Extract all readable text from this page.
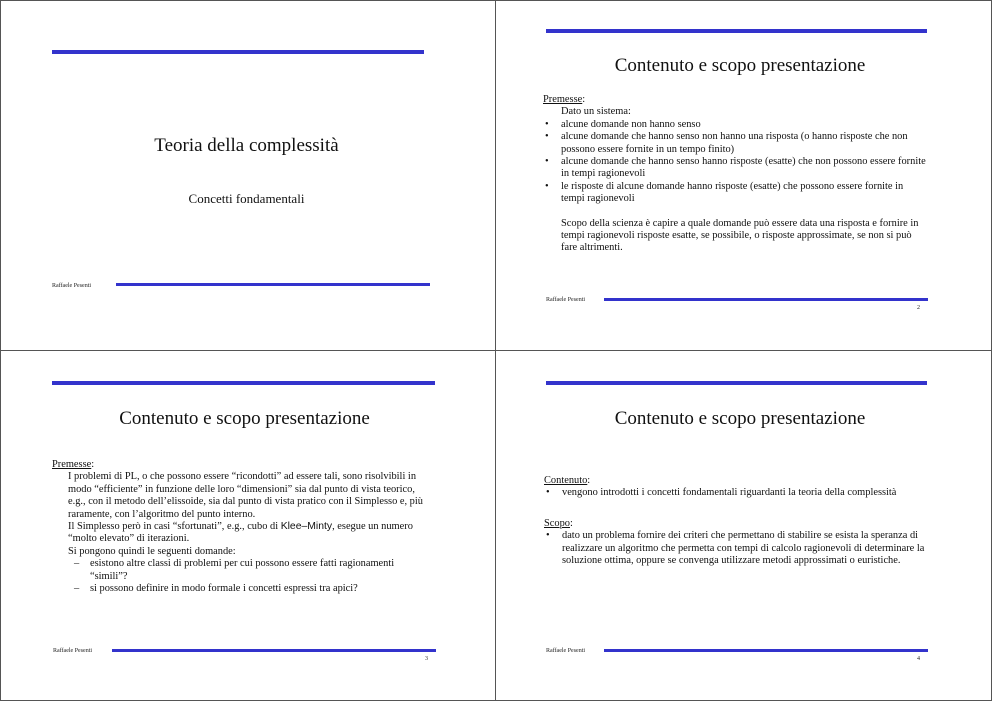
Teoria della complessità
Concetti fondamentali
Raffaele Pesenti
Contenuto e scopo presentazione

Premesse:

Dato un sistema:

• alcune domande non hanno senso

• alcune domande che hanno senso non hanno una risposta (o hanno risposte che non possono essere fornite in un tempo finito)

• alcune domande che hanno senso hanno risposte (esatte) che non possono essere fornite in tempi ragionevoli

• le risposte di alcune domande hanno risposte (esatte) che possono essere fornite in tempi ragionevoli

Scopo della scienza è capire a quale domande può essere data una risposta e fornire in tempi ragionevoli risposte esatte, se possibile, o risposte approssimate, se non si può fare altrimenti.

Raffaele Pesenti
2
Contenuto e scopo presentazione

Premesse:

I problemi di PL, o che possono essere “ricondotti” ad essere tali, sono risolvibili in modo “efficiente” in funzione delle loro “dimensioni” sia dal punto di vista teorico, e.g., con il metodo dell’elissoide, sia dal punto di vista pratico con il Simplesso e, più raramente, con l’algoritmo del punto interno.

Il Simplesso però in casi “sfortunati”, e.g., cubo di Klee–Minty, esegue un numero “molto elevato” di iterazioni.

Si pongono quindi le seguenti domande:

– esistono altre classi di problemi per cui possono essere fatti ragionamenti “simili”?

– si possono definire in modo formale i concetti espressi tra apici?

Raffaele Pesenti
3
Contenuto e scopo presentazione

Contenuto:

• vengono introdotti i concetti fondamentali riguardanti la teoria della complessità

Scopo:

• dato un problema fornire dei criteri che permettano di stabilire se esista la speranza di realizzare un algoritmo che permetta con tempi di calcolo ragionevoli di determinare la soluzione ottima, oppure se convenga utilizzare metodi approssimati o euristiche.

Raffaele Pesenti
4
